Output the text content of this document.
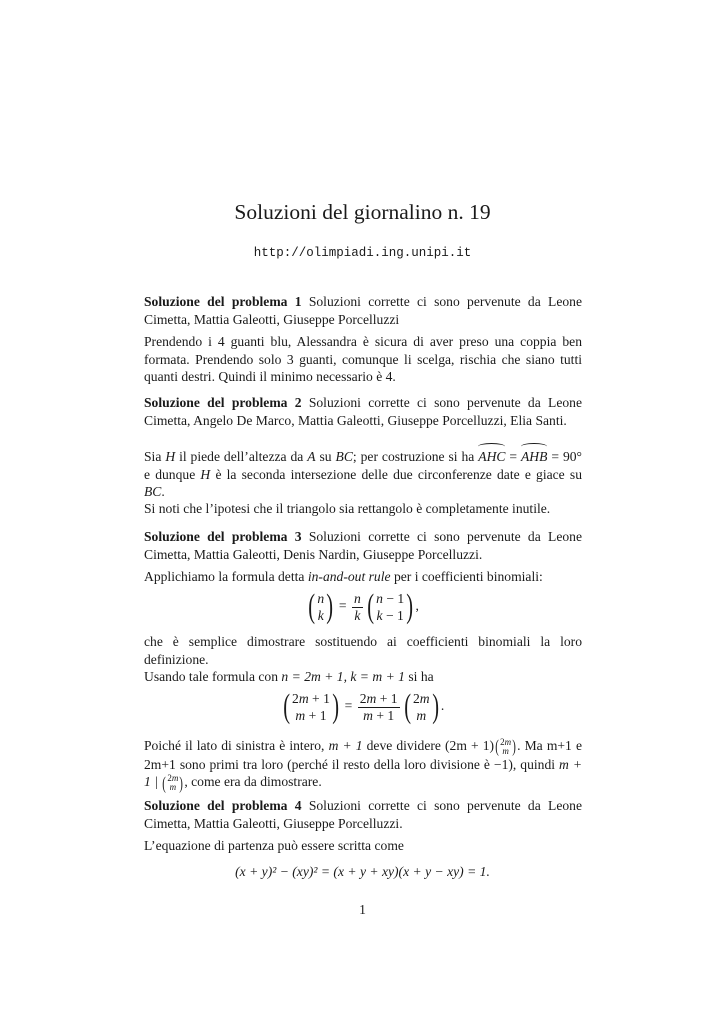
Soluzioni del giornalino n. 19
http://olimpiadi.ing.unipi.it
Soluzione del problema 1 Soluzioni corrette ci sono pervenute da Leone Cimetta, Mattia Galeotti, Giuseppe Porcelluzzi
Prendendo i 4 guanti blu, Alessandra è sicura di aver preso una coppia ben formata. Prendendo solo 3 guanti, comunque li scelga, rischia che siano tutti quanti destri. Quindi il minimo necessario è 4.
Soluzione del problema 2 Soluzioni corrette ci sono pervenute da Leone Cimetta, Angelo De Marco, Mattia Galeotti, Giuseppe Porcelluzzi, Elia Santi.
Sia H il piede dell’altezza da A su BC; per costruzione si ha AHC = AHB = 90° e dunque H è la seconda intersezione delle due circonferenze date e giace su BC.
Si noti che l’ipotesi che il triangolo sia rettangolo è completamente inutile.
Soluzione del problema 3 Soluzioni corrette ci sono pervenute da Leone Cimetta, Mattia Galeotti, Denis Nardin, Giuseppe Porcelluzzi.
Applichiamo la formula detta in-and-out rule per i coefficienti binomiali:
( n
k ) = $\frac{n}{k}$ ( n − 1
k − 1 ) ,
che è semplice dimostrare sostituendo ai coefficienti binomiali la loro definizione.
Usando tale formula con n = 2m + 1, k = m + 1 si ha
( 2m + 1
m + 1 ) = $\frac{2m + 1}{m + 1}$ ( 2m
m ) .
Poiché il lato di sinistra è intero, m + 1 deve dividere (2m + 1) ( 2m
m ) . Ma m+1 e 2m+1 sono primi tra loro (perché il resto della loro divisione è −1), quindi m + 1 | ( 2m
m ) , come era da dimostrare.
Soluzione del problema 4 Soluzioni corrette ci sono pervenute da Leone Cimetta, Mattia Galeotti, Giuseppe Porcelluzzi.
L’equazione di partenza può essere scritta come
(x + y)² − (xy)² = (x + y + xy)(x + y − xy) = 1.
1
